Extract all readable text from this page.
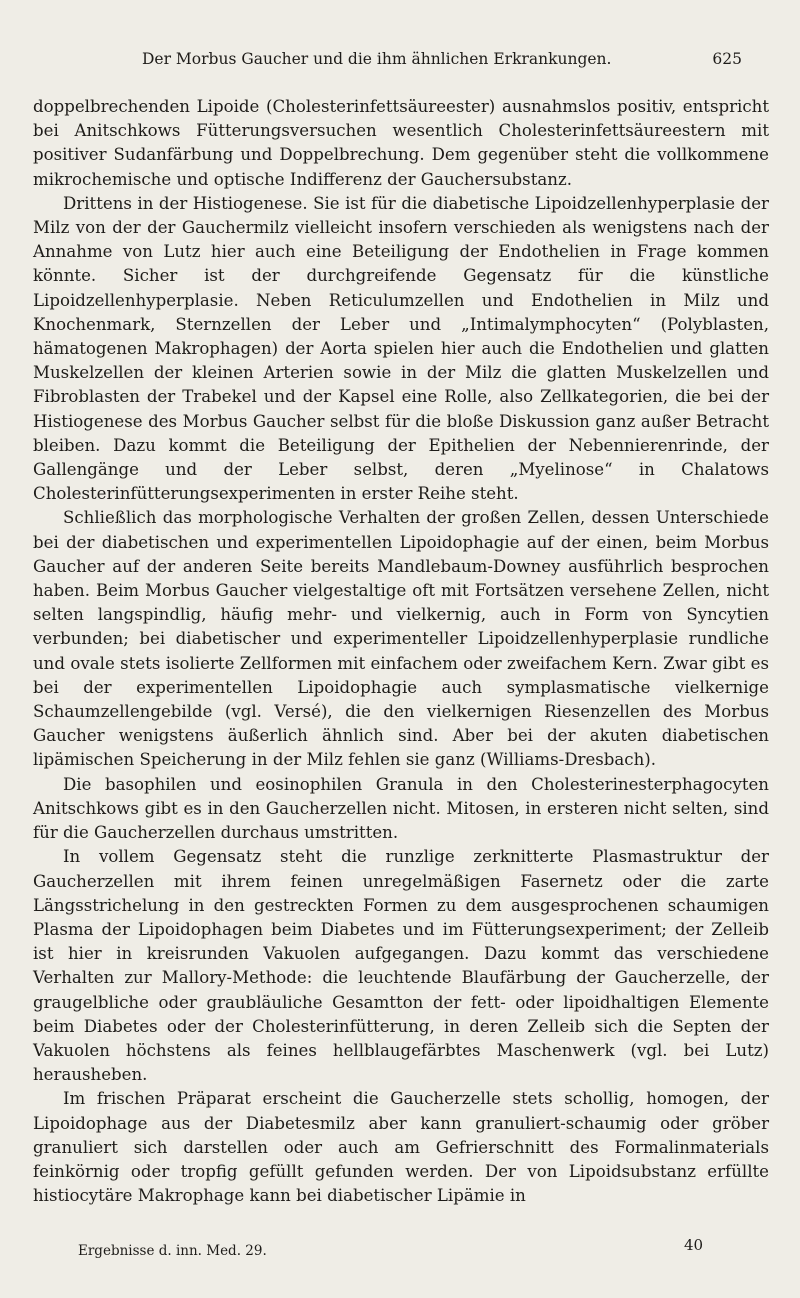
Der Morbus Gaucher und die ihm ähnlichen Erkrankungen.	625

doppelbrechenden Lipoide (Cholesterinfettsäureester) ausnahmslos positiv, entspricht bei Anitschkows Fütterungsversuchen wesentlich Cholesterinfettsäureestern mit positiver Sudanfärbung und Doppelbrechung. Dem gegenüber steht die vollkommene mikrochemische und optische Indifferenz der Gauchersubstanz.

Drittens in der Histiogenese. Sie ist für die diabetische Lipoidzellenhyperplasie der Milz von der der Gauchermilz vielleicht insofern verschieden als wenigstens nach der Annahme von Lutz hier auch eine Beteiligung der Endothelien in Frage kommen könnte. Sicher ist der durchgreifende Gegensatz für die künstliche Lipoidzellenhyperplasie. Neben Reticulumzellen und Endothelien in Milz und Knochenmark, Sternzellen der Leber und „Intimalymphocyten“ (Polyblasten, hämatogenen Makrophagen) der Aorta spielen hier auch die Endothelien und glatten Muskelzellen der kleinen Arterien sowie in der Milz die glatten Muskelzellen und Fibroblasten der Trabekel und der Kapsel eine Rolle, also Zellkategorien, die bei der Histiogenese des Morbus Gaucher selbst für die bloße Diskussion ganz außer Betracht bleiben. Dazu kommt die Beteiligung der Epithelien der Nebennierenrinde, der Gallengänge und der Leber selbst, deren „Myelinose“ in Chalatows Cholesterinfütterungsexperimenten in erster Reihe steht.

Schließlich das morphologische Verhalten der großen Zellen, dessen Unterschiede bei der diabetischen und experimentellen Lipoidophagie auf der einen, beim Morbus Gaucher auf der anderen Seite bereits Mandlebaum-Downey ausführlich besprochen haben. Beim Morbus Gaucher vielgestaltige oft mit Fortsätzen versehene Zellen, nicht selten langspindlig, häufig mehr- und vielkernig, auch in Form von Syncytien verbunden; bei diabetischer und experimenteller Lipoidzellenhyperplasie rundliche und ovale stets isolierte Zellformen mit einfachem oder zweifachem Kern. Zwar gibt es bei der experimentellen Lipoidophagie auch symplasmatische vielkernige Schaumzellengebilde (vgl. Versé), die den vielkernigen Riesenzellen des Morbus Gaucher wenigstens äußerlich ähnlich sind. Aber bei der akuten diabetischen lipämischen Speicherung in der Milz fehlen sie ganz (Williams-Dresbach).

Die basophilen und eosinophilen Granula in den Cholesterinesterphagocyten Anitschkows gibt es in den Gaucherzellen nicht. Mitosen, in ersteren nicht selten, sind für die Gaucherzellen durchaus umstritten.

In vollem Gegensatz steht die runzlige zerknitterte Plasmastruktur der Gaucherzellen mit ihrem feinen unregelmäßigen Fasernetz oder die zarte Längsstrichelung in den gestreckten Formen zu dem ausgesprochenen schaumigen Plasma der Lipoidophagen beim Diabetes und im Fütterungsexperiment; der Zelleib ist hier in kreisrunden Vakuolen aufgegangen. Dazu kommt das verschiedene Verhalten zur Mallory-Methode: die leuchtende Blaufärbung der Gaucherzelle, der graugelbliche oder graubläuliche Gesamtton der fett- oder lipoidhaltigen Elemente beim Diabetes oder der Cholesterinfütterung, in deren Zelleib sich die Septen der Vakuolen höchstens als feines hellblaugefärbtes Maschenwerk (vgl. bei Lutz) herausheben.

Im frischen Präparat erscheint die Gaucherzelle stets schollig, homogen, der Lipoidophage aus der Diabetesmilz aber kann granuliert-schaumig oder gröber granuliert sich darstellen oder auch am Gefrierschnitt des Formalinmaterials feinkörnig oder tropfig gefüllt gefunden werden. Der von Lipoidsubstanz erfüllte histiocytäre Makrophage kann bei diabetischer Lipämie in

Ergebnisse d. inn. Med. 29.	40
